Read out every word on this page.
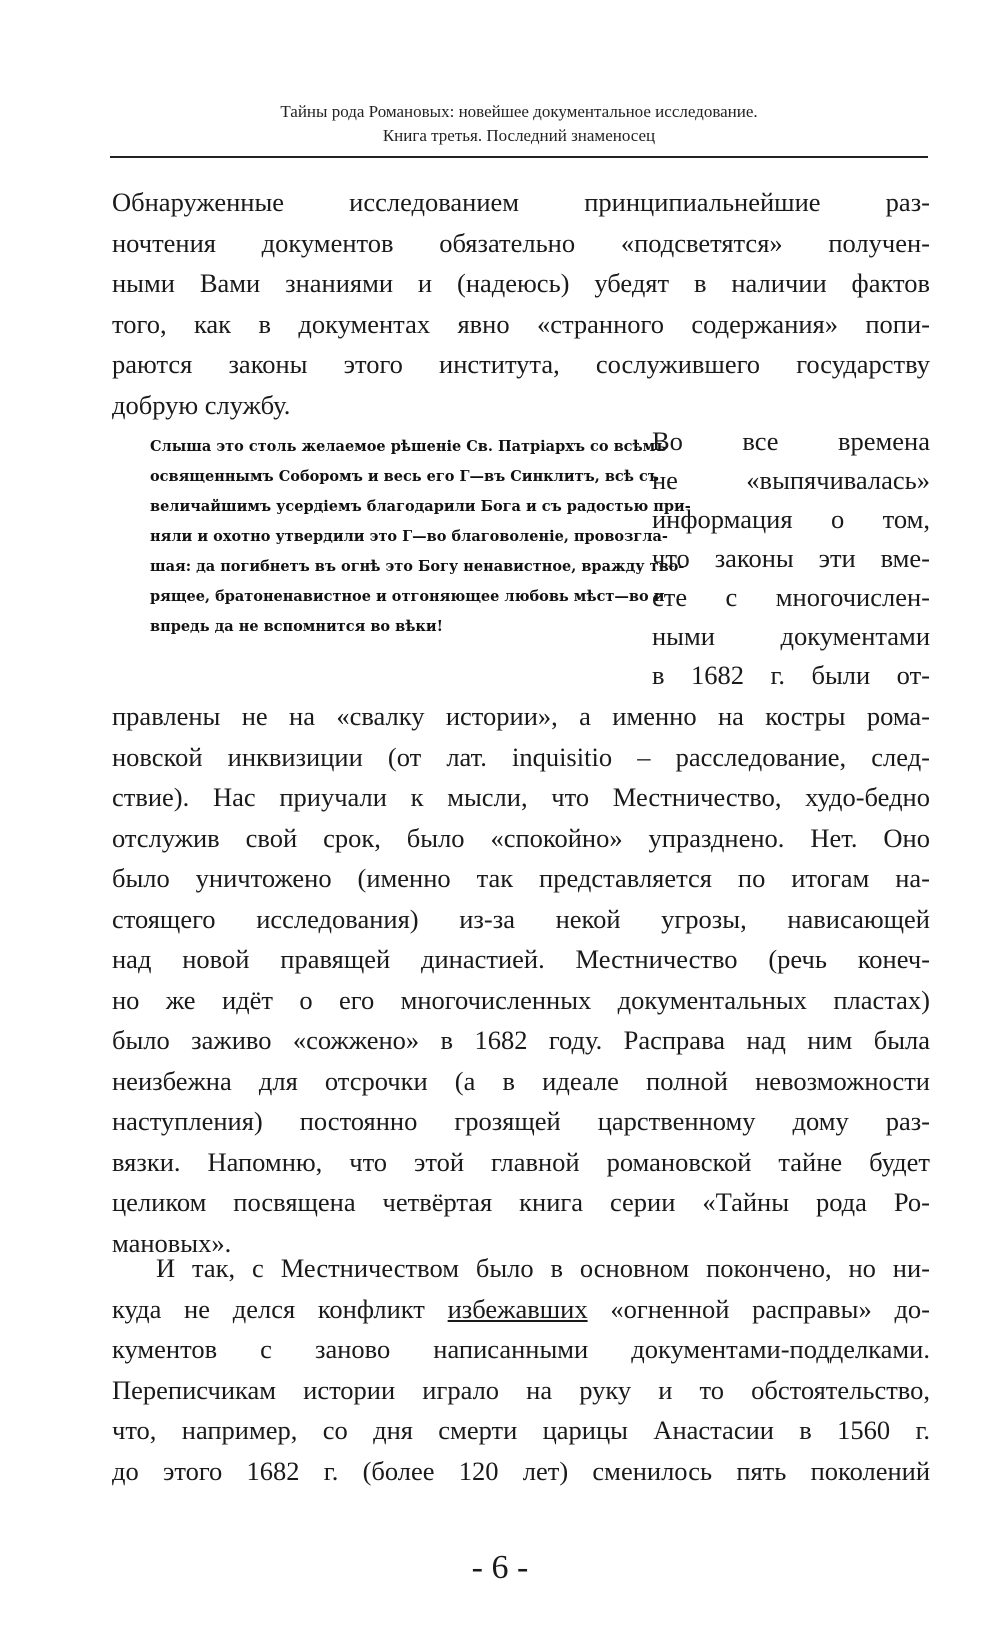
Тайны рода Романовых: новейшее документальное исследование.
Книга третья. Последний знаменосец
Обнаруженные исследованием принципиальнейшие раз-
ночтения документов обязательно «подсветятся» получен-
ными Вами знаниями и (надеюсь) убедят в наличии фактов
того, как в документах явно «странного содержания» попи-
раются законы этого института, сослужившего государству
добрую службу.
Слыша это столь желаемое рѣшеніе Св. Патріархъ со всѣмъ
освященнымъ Соборомъ и весь его Г—въ Синклитъ, всѣ съ
величайшимъ усердіемъ благодарили Бога и съ радостью при-
няли и охотно утвердили это Г—во благоволеніе, провозгла-
шая: да погибнетъ въ огнѣ это Богу ненавистное, вражду тво-
рящее, братоненавистное и отгоняющее любовь мѣст—во и
впредь да не вспомнится во вѣки!
Во все времена
не «выпячивалась»
информация о том,
что законы эти вме-
сте с многочислен-
ными документами
в 1682 г. были от-
правлены не на «свалку истории», а именно на костры рома-
новской инквизиции (от лат. inquisitio – расследование, след-
ствие). Нас приучали к мысли, что Местничество, худо-бедно
отслужив свой срок, было «спокойно» упразднено. Нет. Оно
было уничтожено (именно так представляется по итогам на-
стоящего исследования) из-за некой угрозы, нависающей
над новой правящей династией. Местничество (речь конеч-
но же идёт о его многочисленных документальных пластах)
было заживо «сожжено» в 1682 году. Расправа над ним была
неизбежна для отсрочки (а в идеале полной невозможности
наступления) постоянно грозящей царственному дому раз-
вязки. Напомню, что этой главной романовской тайне будет
целиком посвящена четвёртая книга серии «Тайны рода Ро-
мановых».
И так, с Местничеством было в основном покончено, но ни-
куда не делся конфликт избежавших «огненной расправы» до-
кументов с заново написанными документами-подделками.
Переписчикам истории играло на руку и то обстоятельство,
что, например, со дня смерти царицы Анастасии в 1560 г.
до этого 1682 г. (более 120 лет) сменилось пять поколений
- 6 -
